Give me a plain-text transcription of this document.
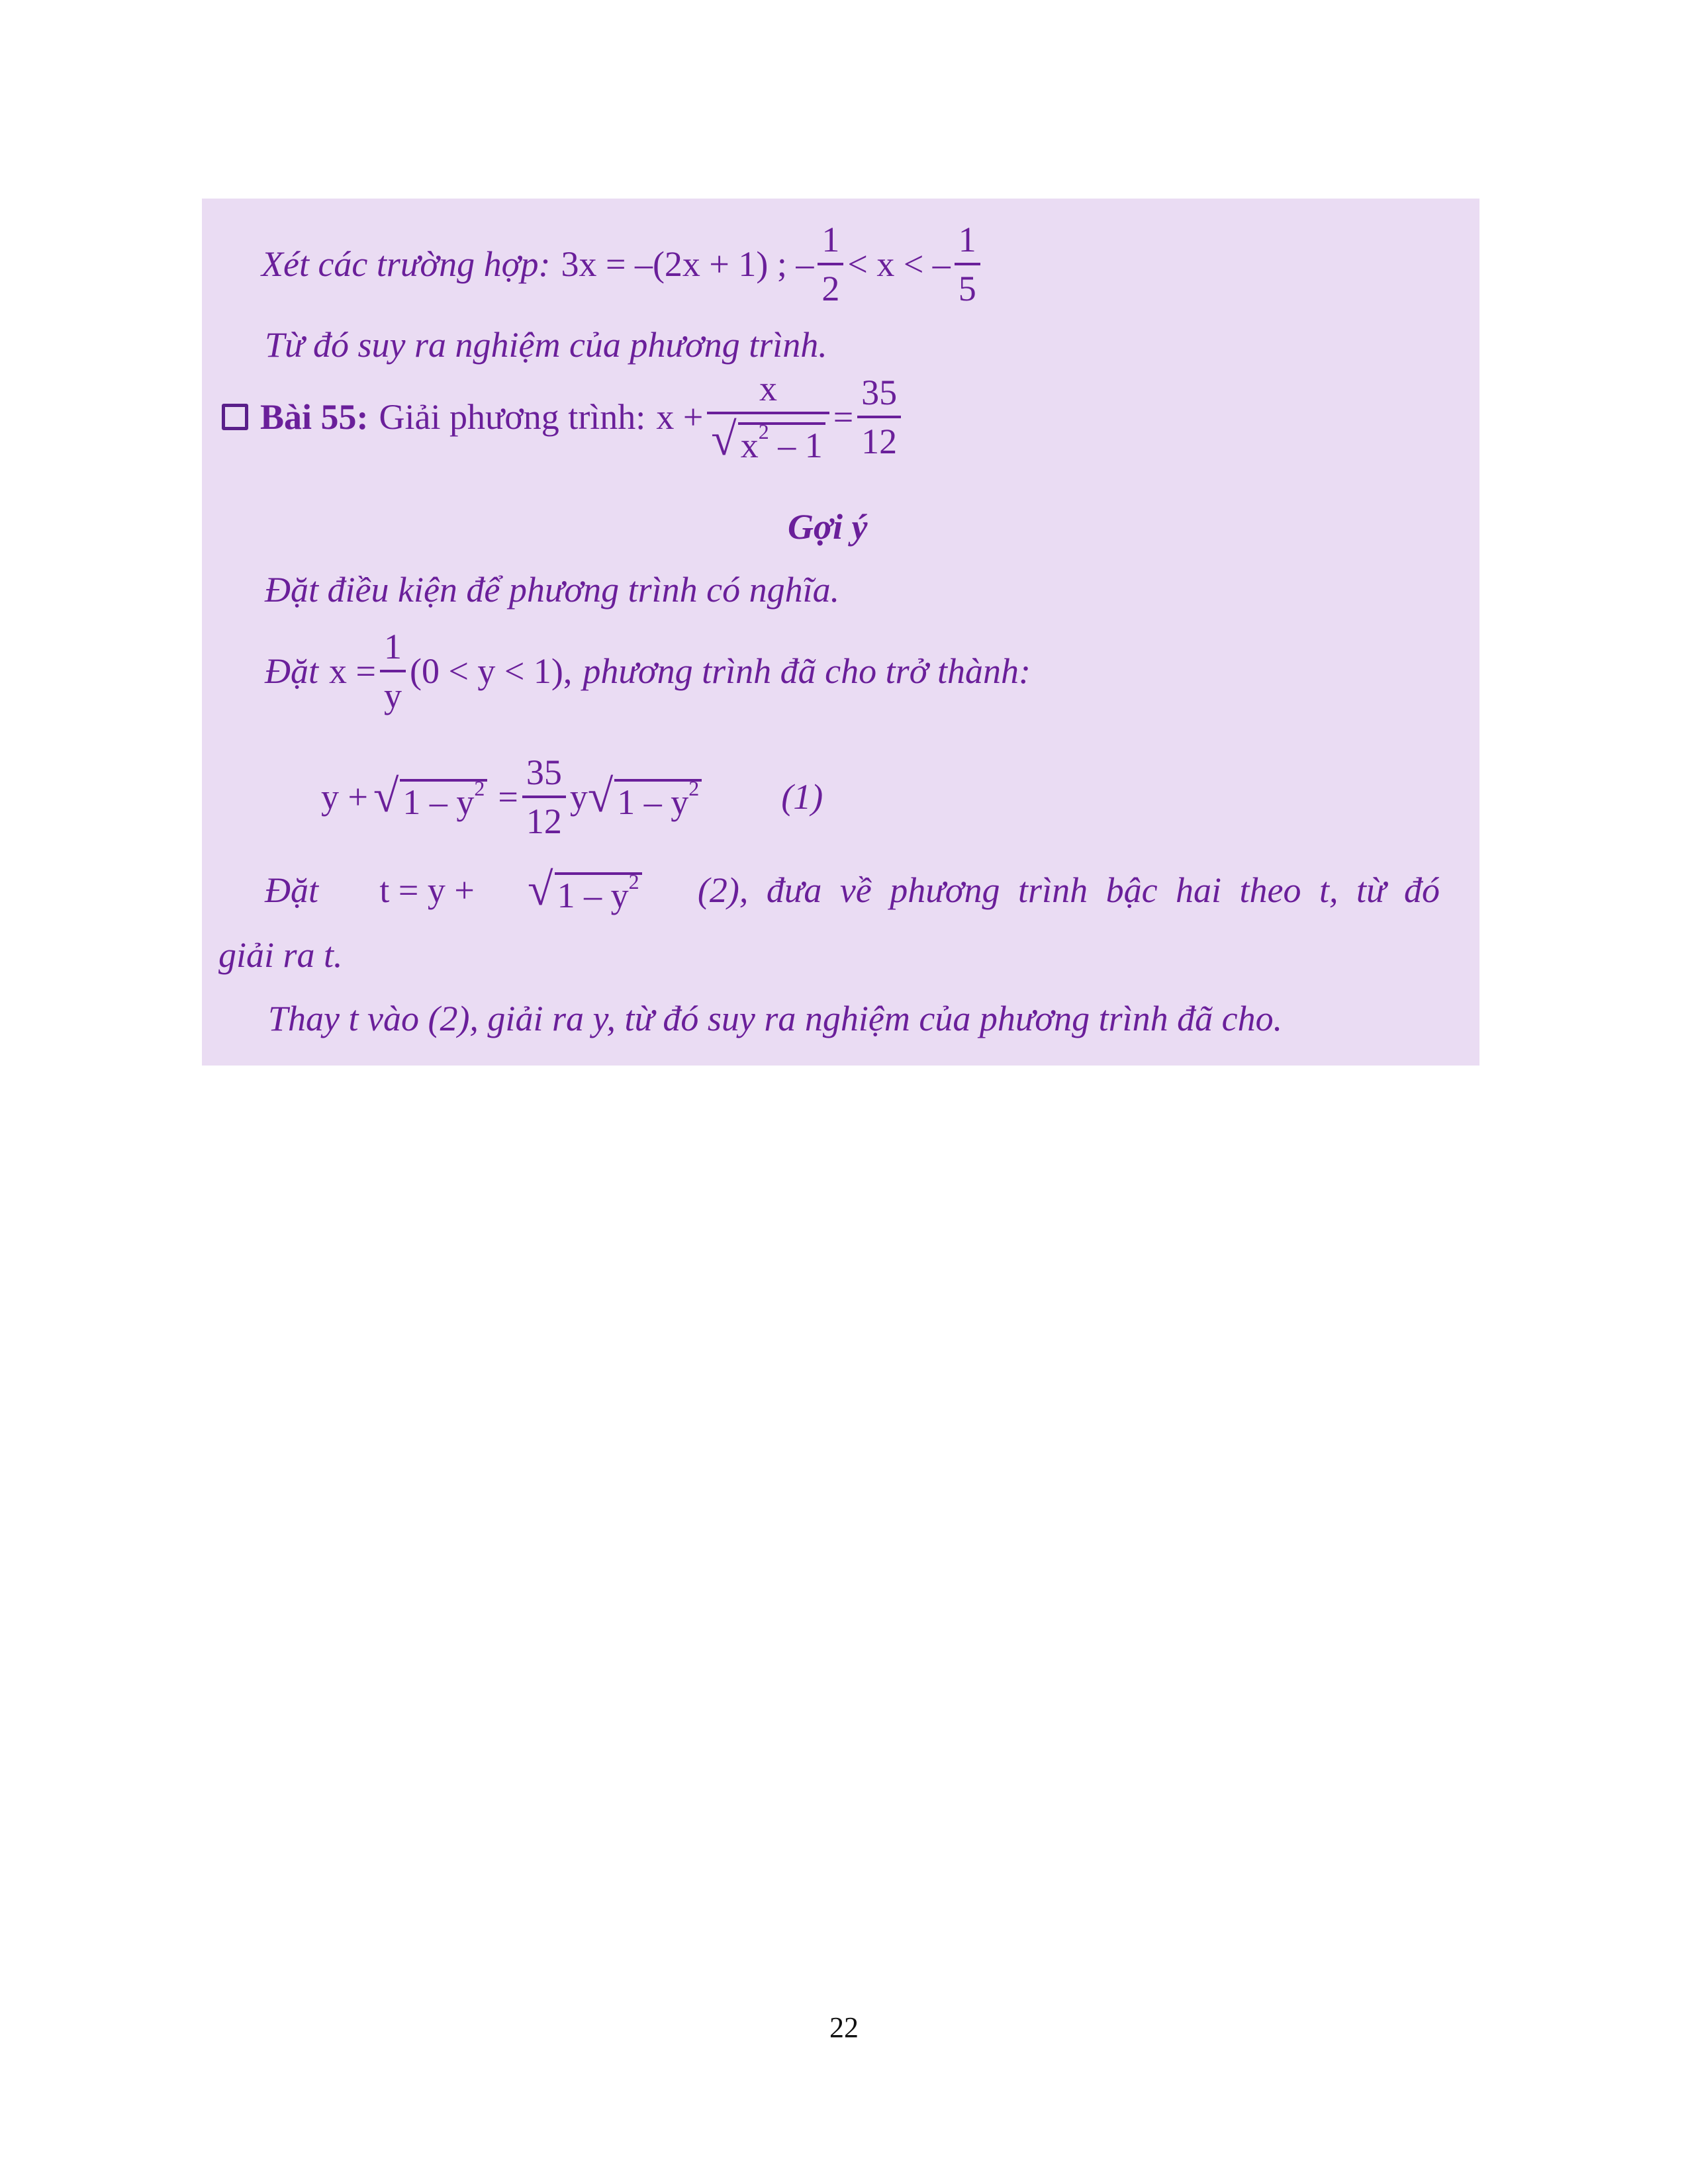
Xét các trường hợp: 3x = –(2x + 1) ; – $\frac{1}{2} < x$ < – $\frac{1}{5}$
Từ đó suy ra nghiệm của phương trình.
Bài 55: Giải phương trình: $x + \frac{x}{√ x^2 - 1} = \frac{35}{12}$
Gợi ý
Đặt điều kiện để phương trình có nghĩa.
Đặt $x = \frac{1}{y} (0 < y < 1)$, phương trình đã cho trở thành:
y + √ $1 - y^2 = \frac{35}{12}$ y √ $1 - y^2$ (1)
Đặt t = y + √ $1 - y^2$ (2), đưa về phương trình bậc hai theo t, từ đó
giải ra t.
Thay t vào (2), giải ra y, từ đó suy ra nghiệm của phương trình đã cho.
22
